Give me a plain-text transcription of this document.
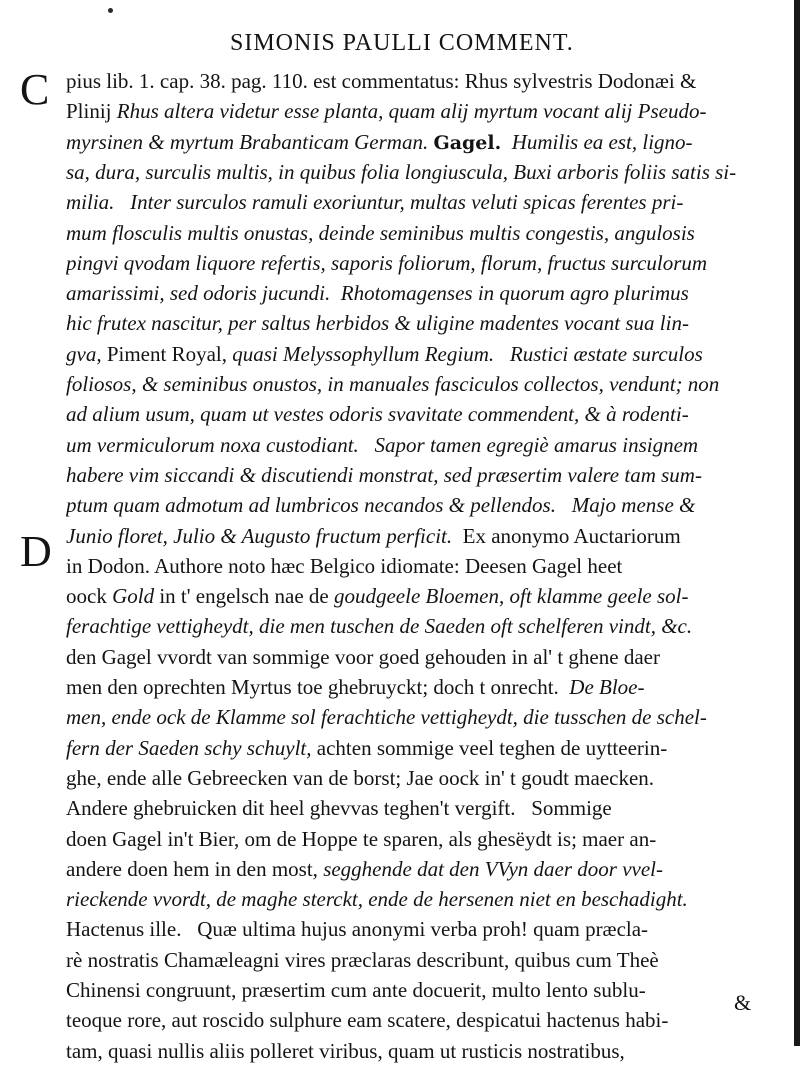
SIMONIS PAULLI COMMENT.
C
D
pius lib. 1. cap. 38. pag. 110. est commentatus: Rhus sylvestris Dodonæi &
Plinij Rhus altera videtur esse planta, quam alij myrtum vocant alij Pseudo-
myrsinen & myrtum Brabanticam German. Gagel.  Humilis ea est, ligno-
sa, dura, surculis multis, in quibus folia longiuscula, Buxi arboris foliis satis si-
milia.   Inter surculos ramuli exoriuntur, multas veluti spicas ferentes pri-
mum flosculis multis onustas, deinde seminibus multis congestis, angulosis
pingvi qvodam liquore refertis, saporis foliorum, florum, fructus surculorum
amarissimi, sed odoris jucundi.  Rhotomagenses in quorum agro plurimus
hic frutex nascitur, per saltus herbidos & uligine madentes vocant sua lin-
gva, Piment Royal, quasi Melyssophyllum Regium.   Rustici æstate surculos
foliosos, & seminibus onustos, in manuales fasciculos collectos, vendunt; non
ad alium usum, quam ut vestes odoris svavitate commendent, & à rodenti-
um vermiculorum noxa custodiant.   Sapor tamen egregiè amarus insignem
habere vim siccandi & discutiendi monstrat, sed præsertim valere tam sum-
ptum quam admotum ad lumbricos necandos & pellendos.   Majo mense &
Junio floret, Julio & Augusto fructum perficit.  Ex anonymo Auctariorum
in Dodon. Authore noto hæc Belgico idiomate: Deesen Gagel heet
oock Gold in t' engelsch nae de goudgeele Bloemen, oft klamme geele sol-
ferachtige vettigheydt, die men tuschen de Saeden oft schelferen vindt, &c.
den Gagel vvordt van sommige voor goed gehouden in al' t ghene daer
men den oprechten Myrtus toe ghebruyckt; doch t onrecht.  De Bloe-
men, ende ock de Klamme sol ferachtiche vettigheydt, die tusschen de schel-
fern der Saeden schy schuylt, achten sommige veel teghen de uytteerin-
ghe, ende alle Gebreecken van de borst; Jae oock in' t goudt maecken.
Andere ghebruicken dit heel ghevvas teghen't vergift.   Sommige
doen Gagel in't Bier, om de Hoppe te sparen, als ghesëydt is; maer an-
andere doen hem in den most, segghende dat den VVyn daer door vvel-
rieckende vvordt, de maghe sterckt, ende de hersenen niet en beschadight.
Hactenus ille.   Quæ ultima hujus anonymi verba proh! quam præcla-
rè nostratis Chamæleagni vires præclaras describunt, quibus cum Theè
Chinensi congruunt, præsertim cum ante docuerit, multo lento sublu-
teoque rore, aut roscido sulphure eam scatere, despicatui hactenus habi-
tam, quasi nullis aliis polleret viribus, quam ut rusticis nostratibus,
&
